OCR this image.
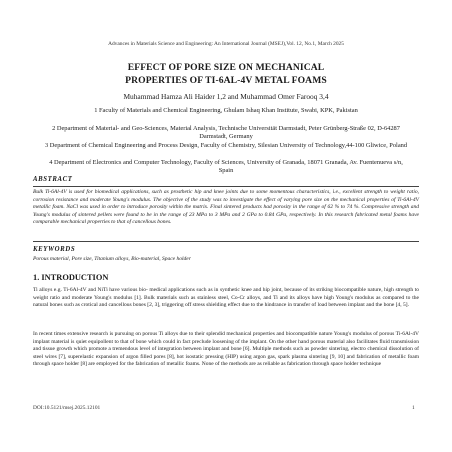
Advances in Materials Science and Engineering: An International Journal (MSEJ),Vol. 12, No.1, March 2025
EFFECT OF PORE SIZE ON MECHANICAL
PROPERTIES OF TI-6AL-4V METAL FOAMS
Muhammad Hamza Ali Haider 1,2 and Muhammad Omer Farooq 3,4
1 Faculty of Materials and Chemical Engineering, Ghulam Ishaq Khan Institute, Swabi, KPK, Pakistan
2 Department of Material- and Geo-Sciences, Material Analysis, Technische Universität Darmstadt, Peter Grünberg-Straße 02, D-64287 Darmstadt, Germany
3 Department of Chemical Engineering and Process Design, Faculty of Chemistry, Silesian University of Technology,44-100 Gliwice, Poland
4 Department of Electronics and Computer Technology, Faculty of Sciences, University of Granada, 18071 Granada, Av. Fuentenueva s/n, Spain
ABSTRACT
Bulk Ti-6Al-4V is used for biomedical applications, such as prosthetic hip and knee joints due to some momentous characteristics, i.e., excellent strength to weight ratio, corrosion resistance and moderate Young's modulus. The objective of the study was to investigate the effect of varying pore size on the mechanical properties of Ti-6Al-4V metallic foam. NaCl was used in order to introduce porosity within the matrix. Final sintered products had porosity in the range of 62 % to 74 %. Compressive strength and Young's modulus of sintered pellets were found to be in the range of 23 MPa to 3 MPa and 2 GPa to 0.84 GPa, respectively. In this research fabricated metal foams have comparable mechanical properties to that of cancellous bones.
KEYWORDS
Porous material, Pore size, Titanium alloys, Bio-material, Space holder
1. INTRODUCTION
Ti alloys e.g. Ti-6Al-4V and NiTi have various bio- medical applications such as in synthetic knee and hip joint, because of its striking biocompatible nature, high strength to weight ratio and moderate Young's modulus [1]. Bulk materials such as stainless steel, Co-Cr alloys, and Ti and its alloys have high Young's modulus as compared to the natural bones such as crotical and cancellous bones [2, 3], triggering off stress shielding effect due to the hindrance in transfer of load between implant and the bone [4, 5].
In recent times extensive research is pursuing on porous Ti alloys due to their splendid mechanical properties and biocompatible nature Young's modulus of porous Ti-6Al-4V implant material is quiet equipollent to that of bone which could in fact preclude loosening of the implant. On the other hand porous material also facilitates fluid transmission and tissue growth which promote a tremendous level of integration between implant and bone [6]. Multiple methods such as powder sintering, electro chemical dissolution of steel wires [7], superelastic expansion of argon filled pores [8], hot isostatic pressing (HIP) using argon gas, spark plasma sintering [9, 10] and fabrication of metallic foam through space holder [8] are employed for the fabrication of metallic foams. None of the methods are as reliable as fabrication through space holder technique
DOI:10.5121/msej.2025.12101	1
